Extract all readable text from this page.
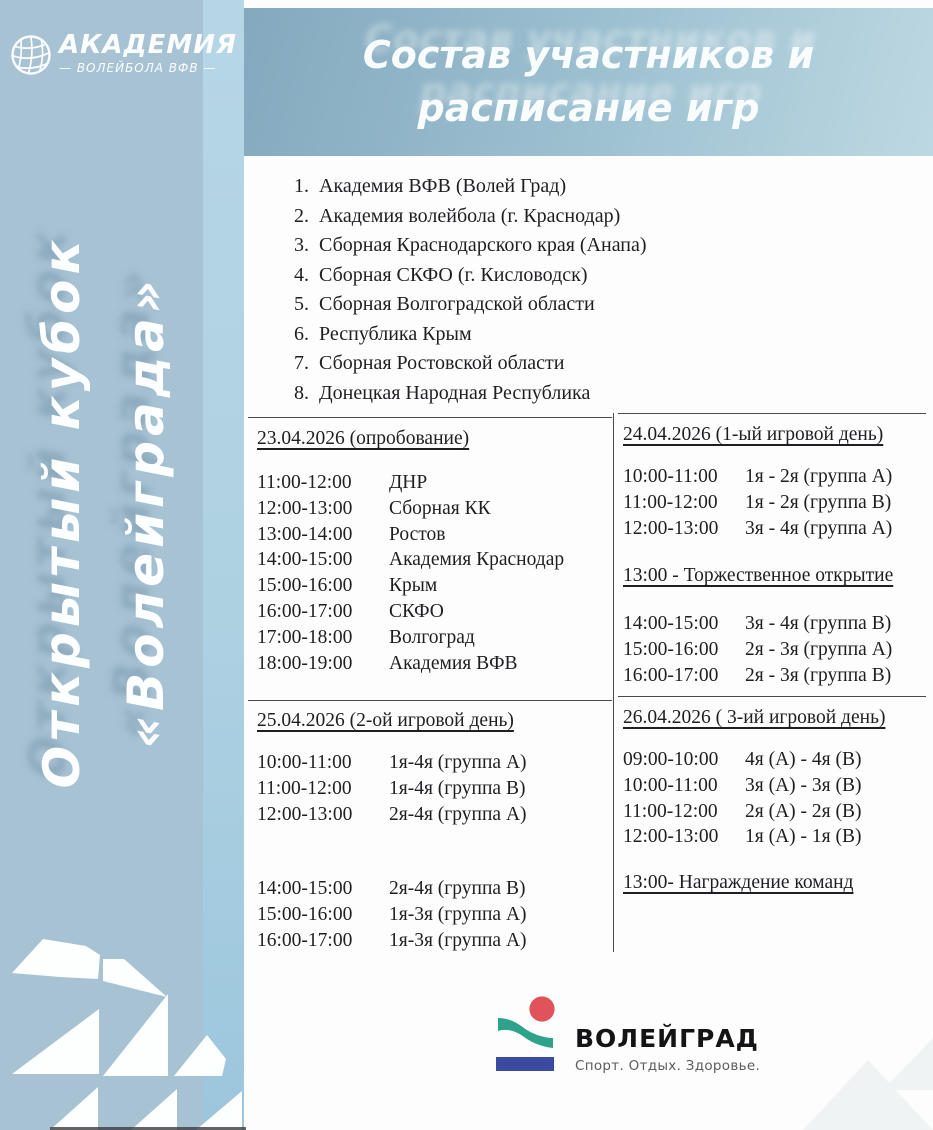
АКАДЕМИЯ
— ВОЛЕЙБОЛА ВФВ —
Открытый кубок «Волейграда»
Состав участников и
расписание игр
1. Академия ВФВ (Волей Град)
2. Академия волейбола (г. Краснодар)
3. Сборная Краснодарского края (Анапа)
4. Сборная СКФО (г. Кисловодск)
5. Сборная Волгоградской области
6. Республика Крым
7. Сборная Ростовской области
8. Донецкая Народная Республика
23.04.2026 (опробование)
11:00-12:00	ДНР
12:00-13:00	Сборная КК
13:00-14:00	Ростов
14:00-15:00	Академия Краснодар
15:00-16:00	Крым
16:00-17:00	СКФО
17:00-18:00	Волгоград
18:00-19:00	Академия ВФВ
24.04.2026 (1-ый игровой день)
10:00-11:00	1я - 2я (группа А)
11:00-12:00	1я - 2я (группа В)
12:00-13:00	3я - 4я (группа А)
13:00 - Торжественное открытие
14:00-15:00	3я - 4я (группа В)
15:00-16:00	2я - 3я (группа А)
16:00-17:00	2я - 3я (группа В)
25.04.2026 (2-ой игровой день)
10:00-11:00	1я-4я (группа А)
11:00-12:00	1я-4я (группа В)
12:00-13:00	2я-4я (группа А)
14:00-15:00	2я-4я (группа В)
15:00-16:00	1я-3я (группа А)
16:00-17:00	1я-3я (группа А)
26.04.2026 ( 3-ий игровой день)
09:00-10:00	4я (А) - 4я (В)
10:00-11:00	3я (А) - 3я (В)
11:00-12:00	2я (А) - 2я (В)
12:00-13:00	1я (А) - 1я (В)
13:00- Награждение команд
ВОЛЕЙГРАД
Спорт. Отдых. Здоровье.
